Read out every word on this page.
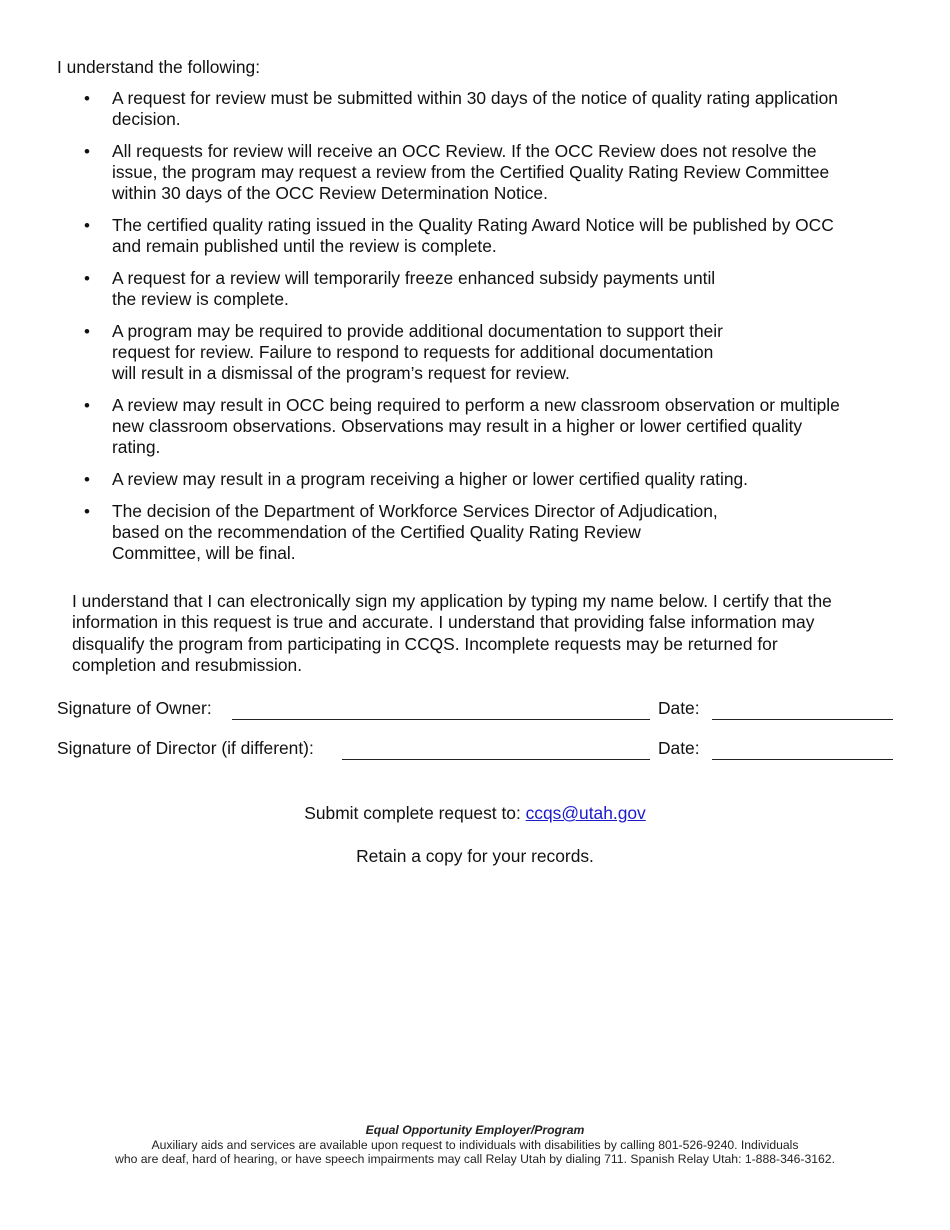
I understand the following:

• A request for review must be submitted within 30 days of the notice of quality rating application
decision.
• All requests for review will receive an OCC Review. If the OCC Review does not resolve the
issue, the program may request a review from the Certified Quality Rating Review Committee
within 30 days of the OCC Review Determination Notice.
• The certified quality rating issued in the Quality Rating Award Notice will be published by OCC
and remain published until the review is complete.
• A request for a review will temporarily freeze enhanced subsidy payments until
the review is complete.
• A program may be required to provide additional documentation to support their
request for review. Failure to respond to requests for additional documentation
will result in a dismissal of the program’s request for review.
• A review may result in OCC being required to perform a new classroom observation or multiple
new classroom observations. Observations may result in a higher or lower certified quality
rating.
• A review may result in a program receiving a higher or lower certified quality rating.
• The decision of the Department of Workforce Services Director of Adjudication,
based on the recommendation of the Certified Quality Rating Review
Committee, will be final.

I understand that I can electronically sign my application by typing my name below. I certify that the
information in this request is true and accurate. I understand that providing false information may
disqualify the program from participating in CCQS. Incomplete requests may be returned for
completion and resubmission.

Signature of Owner:	Date:
Signature of Director (if different):	Date:

Submit complete request to: ccqs@utah.gov

Retain a copy for your records.

Equal Opportunity Employer/Program
Auxiliary aids and services are available upon request to individuals with disabilities by calling 801-526-9240. Individuals
who are deaf, hard of hearing, or have speech impairments may call Relay Utah by dialing 711. Spanish Relay Utah: 1-888-346-3162.
